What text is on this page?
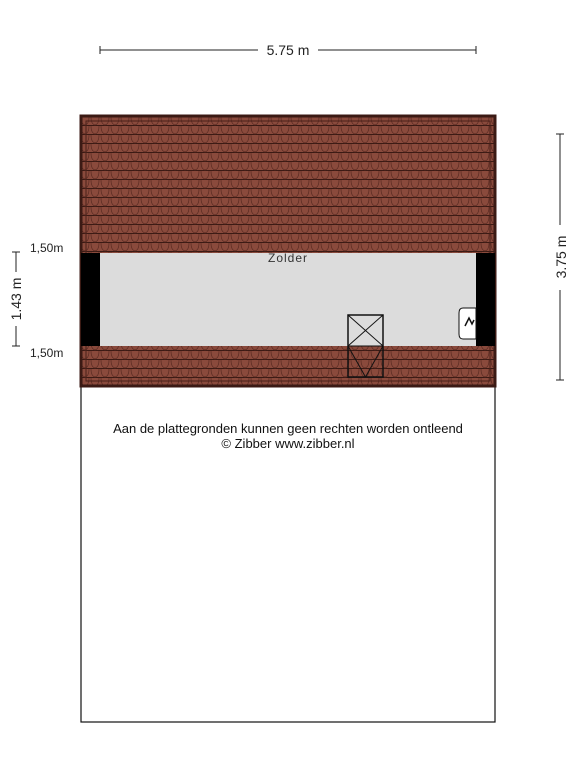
5.75 m
3.75 m
1.43 m
1,50m
1,50m
Zolder
Aan de plattegronden kunnen geen rechten worden ontleend
© Zibber www.zibber.nl
